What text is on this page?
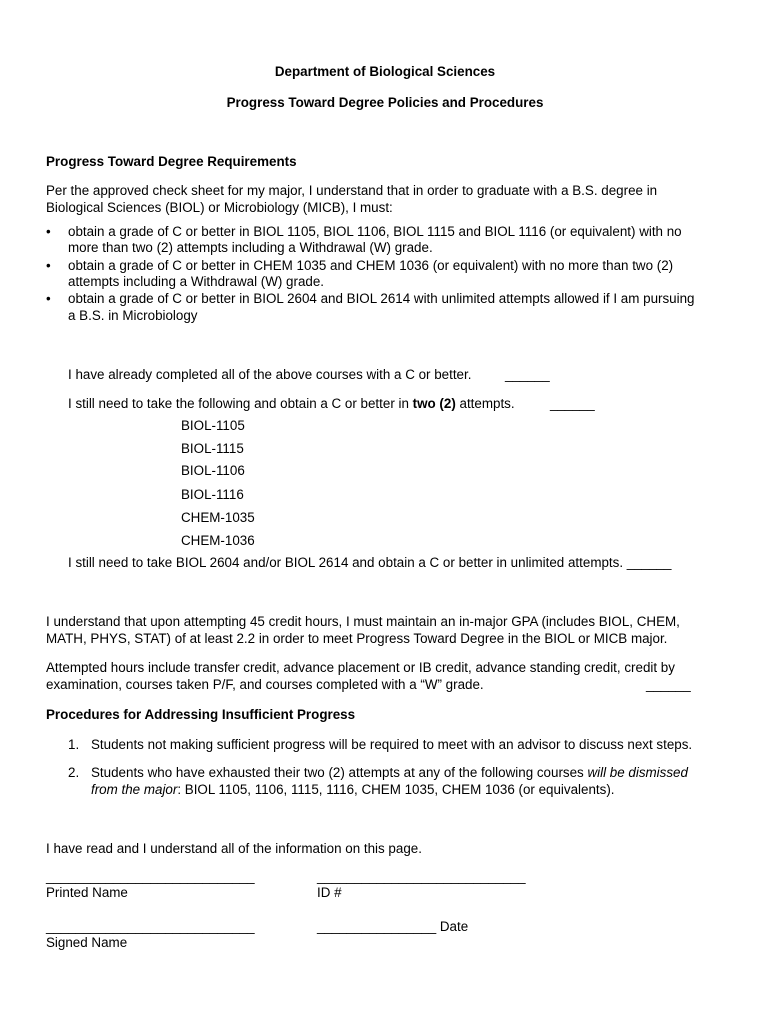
Department of Biological Sciences
Progress Toward Degree Policies and Procedures
Progress Toward Degree Requirements
Per the approved check sheet for my major, I understand that in order to graduate with a B.S. degree in
Biological Sciences (BIOL) or Microbiology (MICB), I must:
•	obtain a grade of C or better in BIOL 1105, BIOL 1106, BIOL 1115 and BIOL 1116 (or equivalent) with no
more than two (2) attempts including a Withdrawal (W) grade.
•	obtain a grade of C or better in CHEM 1035 and CHEM 1036 (or equivalent) with no more than two (2)
attempts including a Withdrawal (W) grade.
•	obtain a grade of C or better in BIOL 2604 and BIOL 2614 with unlimited attempts allowed if I am pursuing
a B.S. in Microbiology
I have already completed all of the above courses with a C or better.	______
I still need to take the following and obtain a C or better in two (2) attempts.	______
BIOL-1105
BIOL-1115
BIOL-1106
BIOL-1116
CHEM-1035
CHEM-1036
I still need to take BIOL 2604 and/or BIOL 2614 and obtain a C or better in unlimited attempts. ______
I understand that upon attempting 45 credit hours, I must maintain an in-major GPA (includes BIOL, CHEM,
MATH, PHYS, STAT) of at least 2.2 in order to meet Progress Toward Degree in the BIOL or MICB major.
Attempted hours include transfer credit, advance placement or IB credit, advance standing credit, credit by
examination, courses taken P/F, and courses completed with a “W” grade.	______
Procedures for Addressing Insufficient Progress
1. Students not making sufficient progress will be required to meet with an advisor to discuss next steps.
2. Students who have exhausted their two (2) attempts at any of the following courses will be dismissed
from the major: BIOL 1105, 1106, 1115, 1116, CHEM 1035, CHEM 1036 (or equivalents).
I have read and I understand all of the information on this page.
____________________________	____________________________
Printed Name	ID #
____________________________	________________ Date
Signed Name
